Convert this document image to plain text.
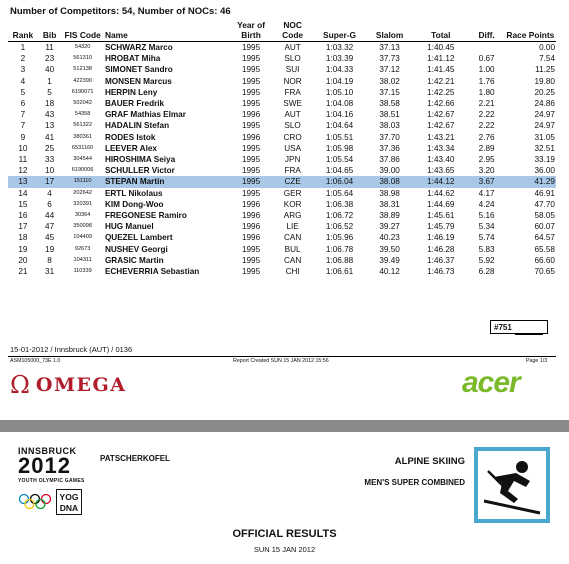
Number of Competitors: 54, Number of NOCs: 46
Rank	Bib	FIS Code	Name	Year of Birth	NOC Code	Super-G	Slalom	Total	Diff.	Race Points
1	11	54320	SCHWARZ Marco	1995	AUT	1:03.32	37.13	1:40.45		0.00
2	23	561310	HROBAT Miha	1995	SLO	1:03.39	37.73	1:41.12	0.67	7.54
3	40	512138	SIMONET Sandro	1995	SUI	1:04.33	37.12	1:41.45	1.00	11.25
4	1	422390	MONSEN Marcus	1995	NOR	1:04.19	38.02	1:42.21	1.76	19.80
5	5	6190071	HERPIN Leny	1995	FRA	1:05.10	37.15	1:42.25	1.80	20.25
6	18	502042	BAUER Fredrik	1995	SWE	1:04.08	38.58	1:42.66	2.21	24.86
7	43	54358	GRAF Mathias Elmar	1996	AUT	1:04.16	38.51	1:42.67	2.22	24.97
7	13	561322	HADALIN Stefan	1995	SLO	1:04.64	38.03	1:42.67	2.22	24.97
9	41	380361	RODES Istok	1996	CRO	1:05.51	37.70	1:43.21	2.76	31.05
10	25	6531160	LEEVER Alex	1995	USA	1:05.98	37.36	1:43.34	2.89	32.51
11	33	304544	HIROSHIMA Seiya	1995	JPN	1:05.54	37.86	1:43.40	2.95	33.19
12	10	6190006	SCHULLER Victor	1995	FRA	1:04.65	39.00	1:43.65	3.20	36.00
13	17	151110	STEPAN Martin	1995	CZE	1:06.04	38.08	1:44.12	3.67	41.29
14	4	202642	ERTL Nikolaus	1995	GER	1:05.64	38.98	1:44.62	4.17	46.91
15	6	320391	KIM Dong-Woo	1996	KOR	1:06.38	38.31	1:44.69	4.24	47.70
16	44	30364	FREGONESE Ramiro	1996	ARG	1:06.72	38.89	1:45.61	5.16	58.05
17	47	350098	HUG Manuel	1996	LIE	1:06.52	39.27	1:45.79	5.34	60.07
18	45	104409	QUEZEL Lambert	1996	CAN	1:05.96	40.23	1:46.19	5.74	64.57
19	19	92673	NUSHEV Georgi	1995	BUL	1:06.78	39.50	1:46.28	5.83	65.58
20	8	104311	GRASIC Martin	1995	CAN	1:06.88	39.49	1:46.37	5.92	66.60
21	31	110339	ECHEVERRIA Sebastian	1995	CHI	1:06.61	40.12	1:46.73	6.28	70.65
#751
15-01-2012 / Innsbruck (AUT) / 0136
ASM105000_73E 1.0	Report Created SUN 15 JAN 2012 15:56	Page 1/3
Ω OMEGA	acer
INNSBRUCK
2012
YOUTH OLYMPIC GAMES
YOG
DNA
PATSCHERKOFEL	ALPINE SKIING
MEN'S SUPER COMBINED
OFFICIAL RESULTS
SUN 15 JAN 2012
